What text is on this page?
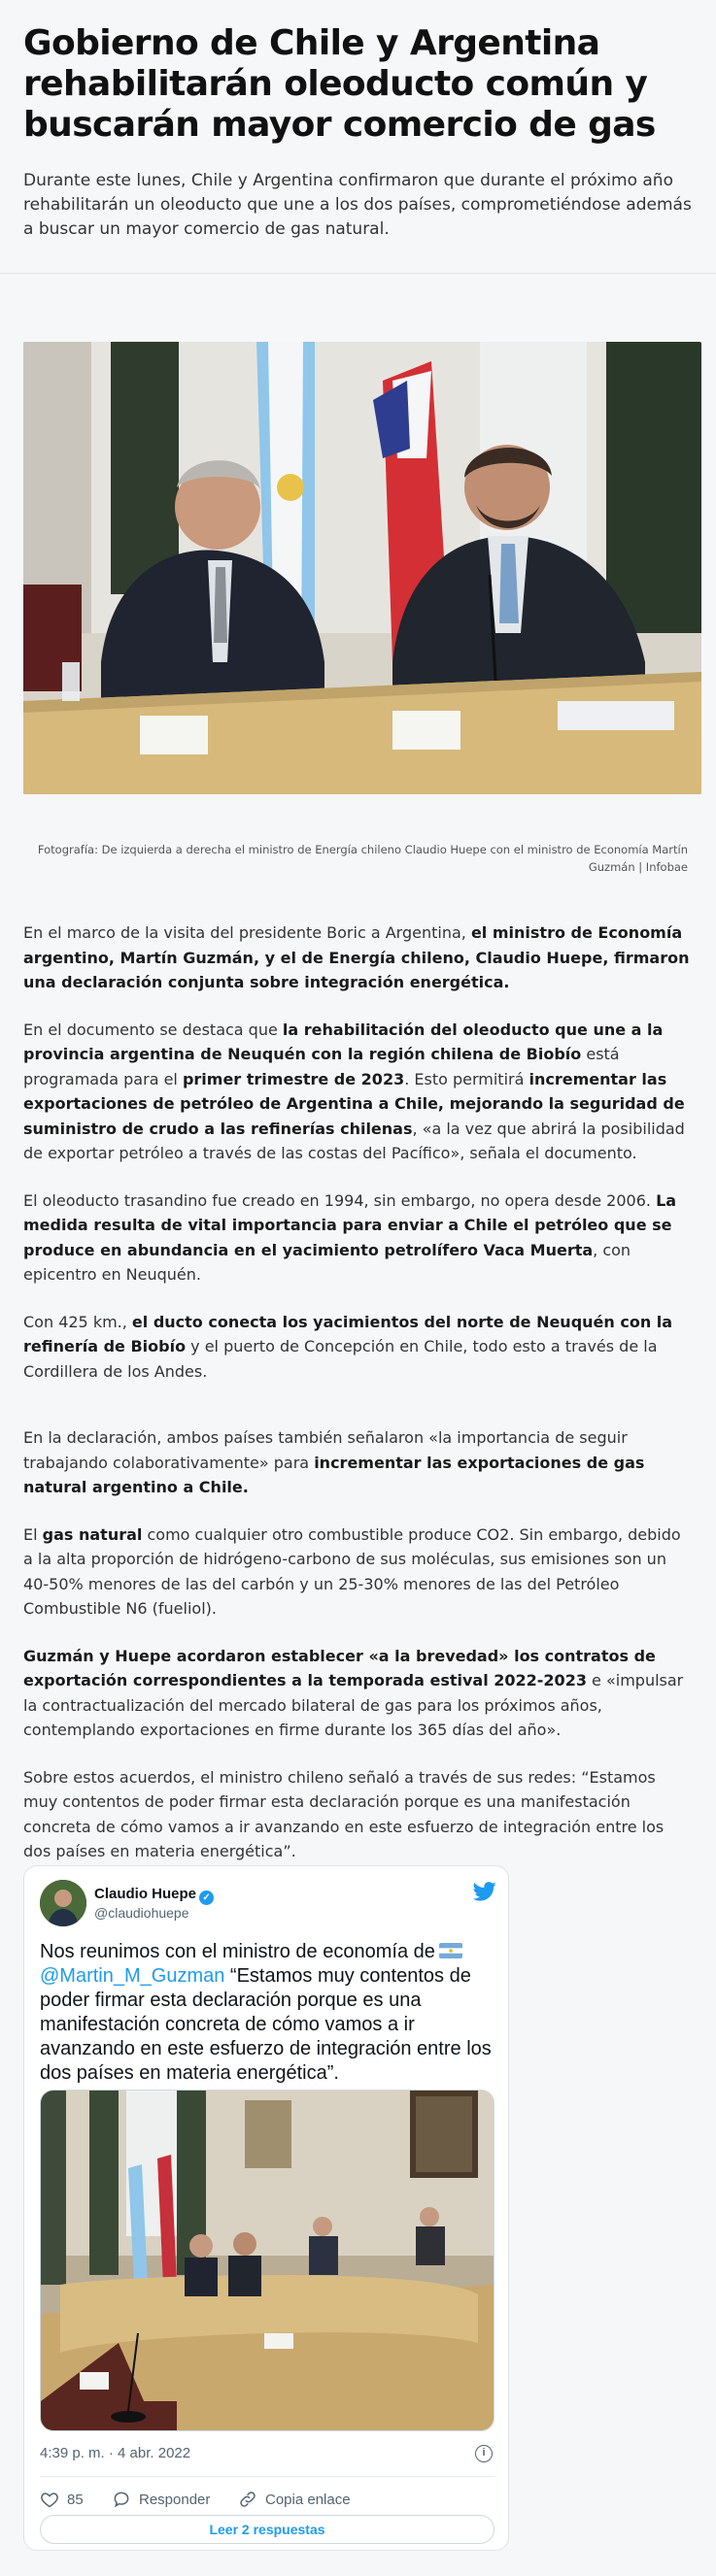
Gobierno de Chile y Argentina rehabilitarán oleoducto común y buscarán mayor comercio de gas

Durante este lunes, Chile y Argentina confirmaron que durante el próximo año rehabilitarán un oleoducto que une a los dos países, comprometiéndose además a buscar un mayor comercio de gas natural.

Fotografía: De izquierda a derecha el ministro de Energía chileno Claudio Huepe con el ministro de Economía Martín Guzmán | Infobae

En el marco de la visita del presidente Boric a Argentina, el ministro de Economía argentino, Martín Guzmán, y el de Energía chileno, Claudio Huepe, firmaron una declaración conjunta sobre integración energética.

En el documento se destaca que la rehabilitación del oleoducto que une a la provincia argentina de Neuquén con la región chilena de Biobío está programada para el primer trimestre de 2023. Esto permitirá incrementar las exportaciones de petróleo de Argentina a Chile, mejorando la seguridad de suministro de crudo a las refinerías chilenas, «a la vez que abrirá la posibilidad de exportar petróleo a través de las costas del Pacífico», señala el documento.

El oleoducto trasandino fue creado en 1994, sin embargo, no opera desde 2006. La medida resulta de vital importancia para enviar a Chile el petróleo que se produce en abundancia en el yacimiento petrolífero Vaca Muerta, con epicentro en Neuquén.

Con 425 km., el ducto conecta los yacimientos del norte de Neuquén con la refinería de Biobío y el puerto de Concepción en Chile, todo esto a través de la Cordillera de los Andes.

En la declaración, ambos países también señalaron «la importancia de seguir trabajando colaborativamente» para incrementar las exportaciones de gas natural argentino a Chile.

El gas natural como cualquier otro combustible produce CO2. Sin embargo, debido a la alta proporción de hidrógeno-carbono de sus moléculas, sus emisiones son un 40-50% menores de las del carbón y un 25-30% menores de las del Petróleo Combustible N6 (fueliol).

Guzmán y Huepe acordaron establecer «a la brevedad» los contratos de exportación correspondientes a la temporada estival 2022-2023 e «impulsar la contractualización del mercado bilateral de gas para los próximos años, contemplando exportaciones en firme durante los 365 días del año».

Sobre estos acuerdos, el ministro chileno señaló a través de sus redes: “Estamos muy contentos de poder firmar esta declaración porque es una manifestación concreta de cómo vamos a ir avanzando en este esfuerzo de integración entre los dos países en materia energética”.

Claudio Huepe ✓
@claudiohuepe
Nos reunimos con el ministro de economía de
@Martin_M_Guzman “Estamos muy contentos de poder firmar esta declaración porque es una manifestación concreta de cómo vamos a ir avanzando en este esfuerzo de integración entre los dos países en materia energética”.
4:39 p. m. · 4 abr. 2022	i
85	Responder	Copia enlace
Leer 2 respuestas
